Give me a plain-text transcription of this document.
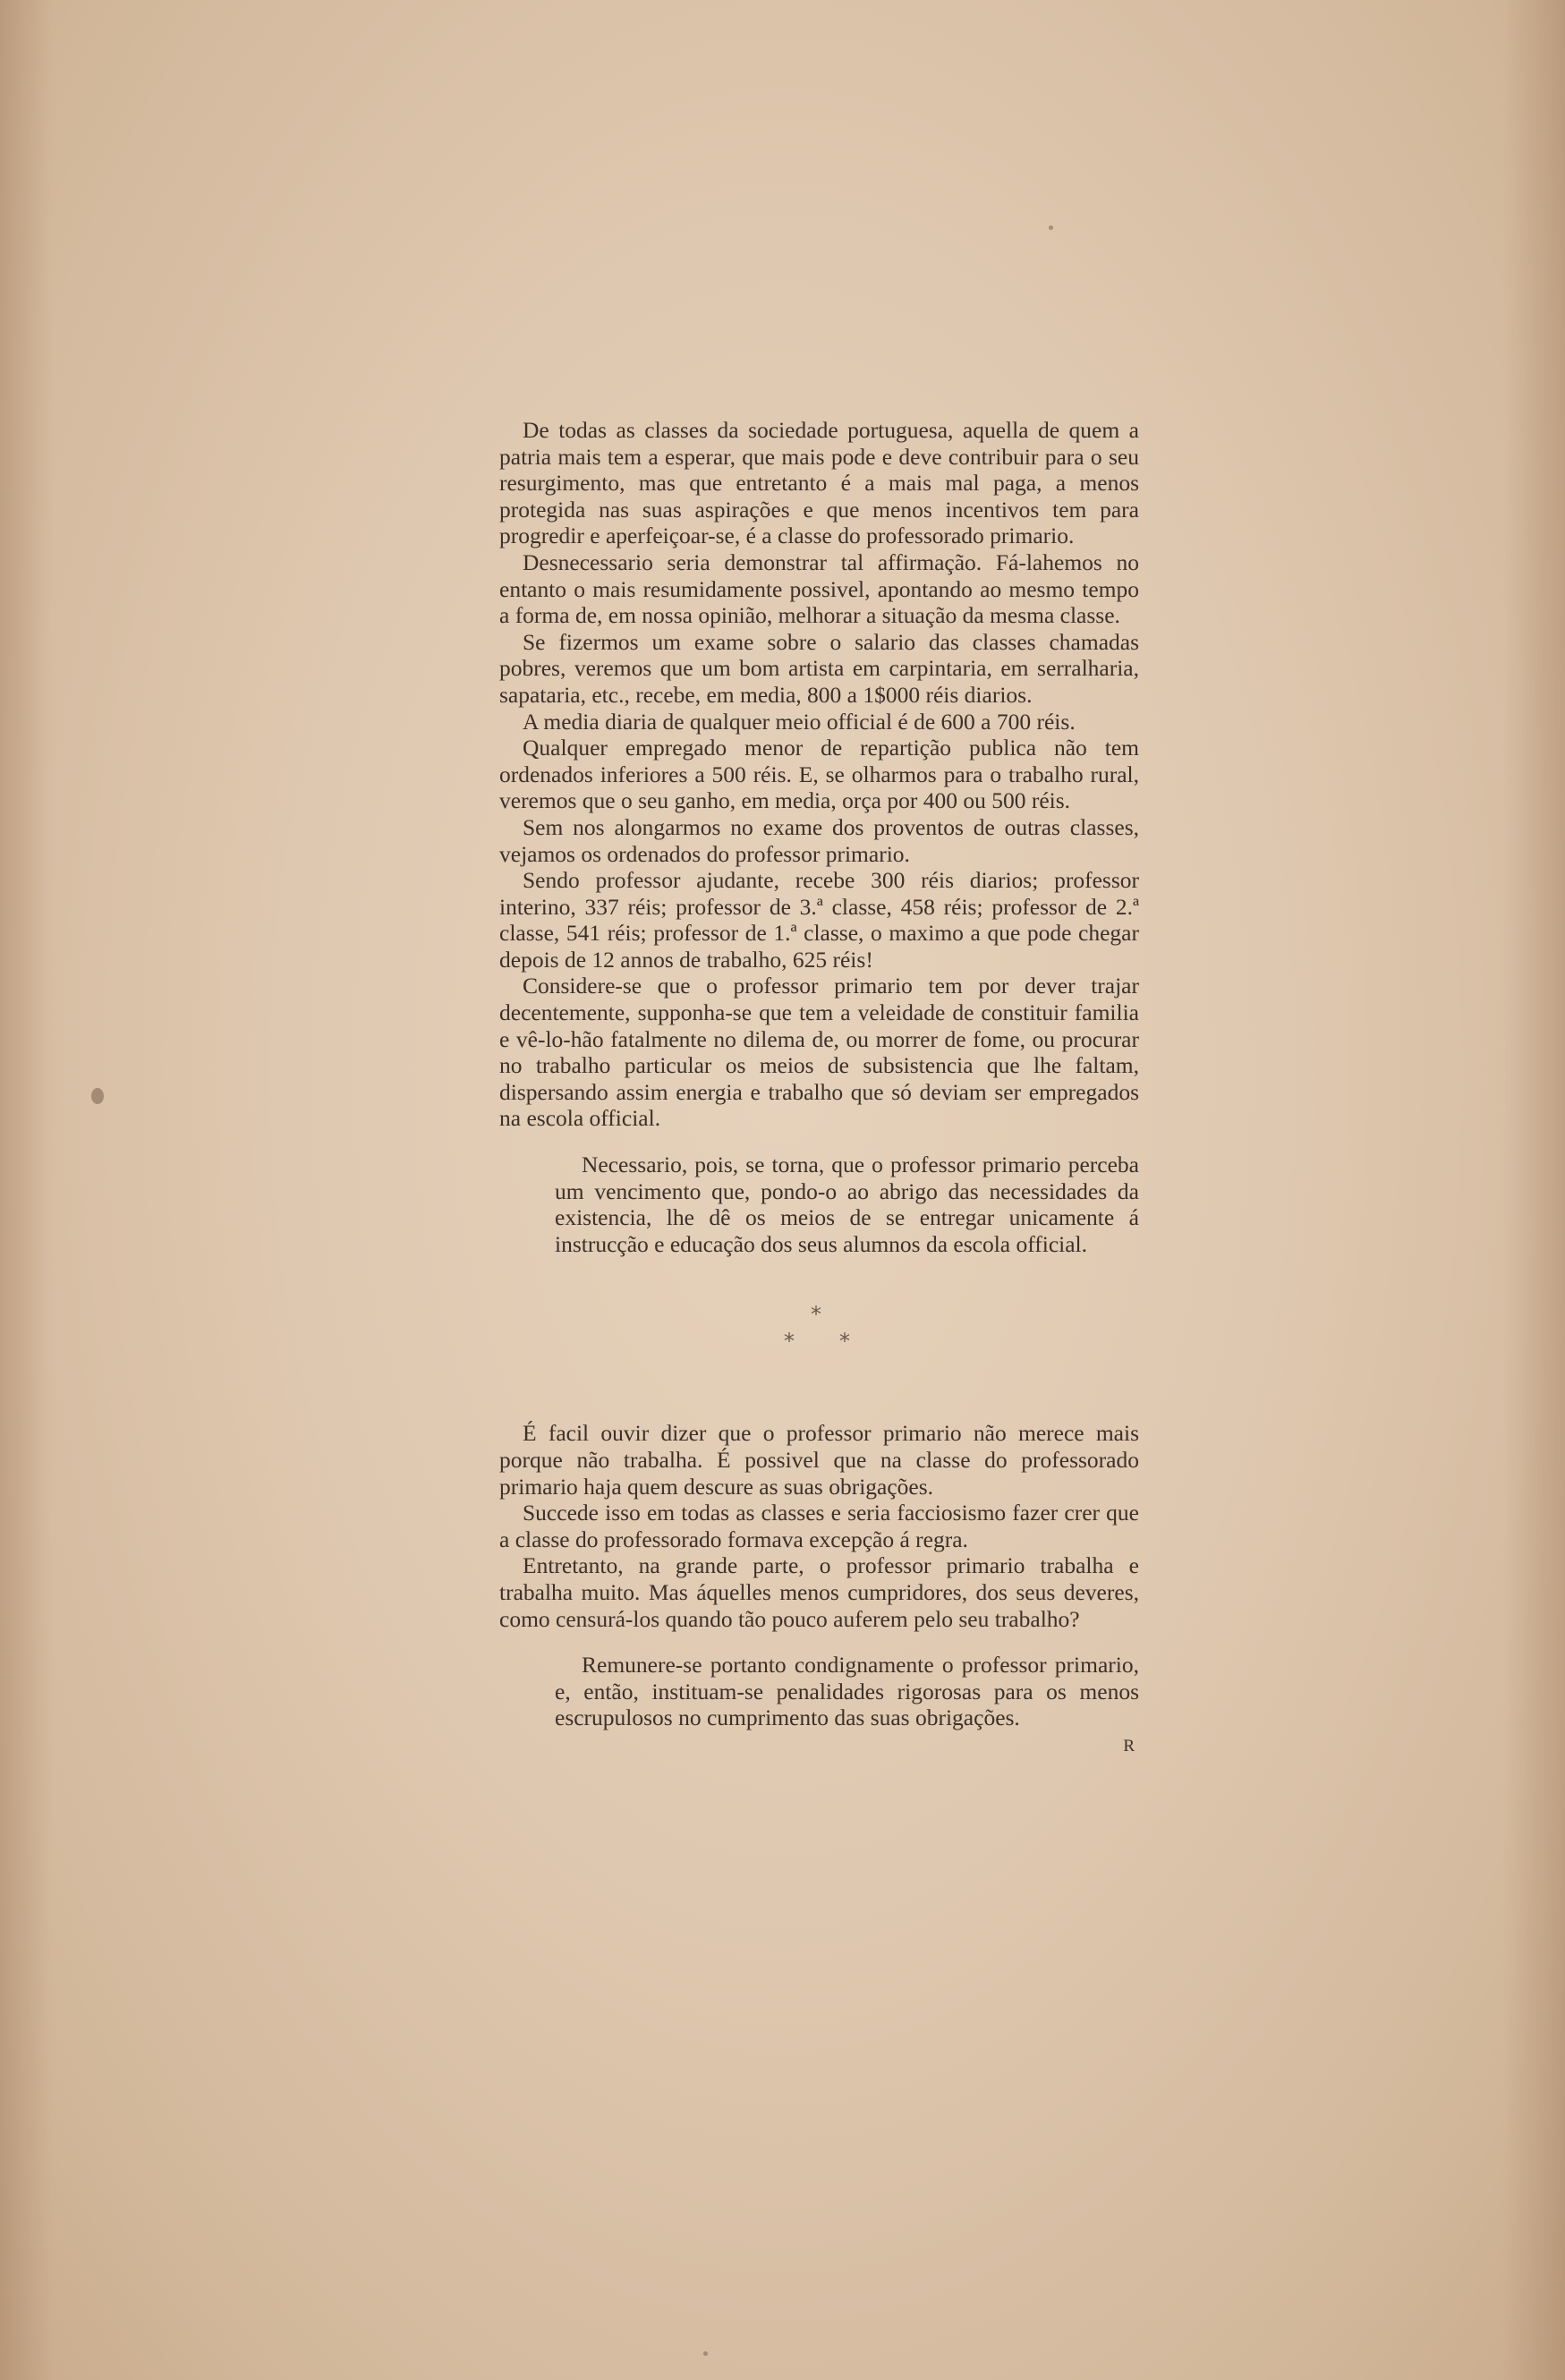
De todas as classes da sociedade portuguesa, aquella de quem a patria mais tem a esperar, que mais pode e deve contribuir para o seu resurgimento, mas que entretanto é a mais mal paga, a menos protegida nas suas aspirações e que menos incentivos tem para progredir e aperfeiçoar-se, é a classe do professorado primario.

Desnecessario seria demonstrar tal affirmação. Fá-lahemos no entanto o mais resumidamente possivel, apontando ao mesmo tempo a forma de, em nossa opinião, melhorar a situação da mesma classe.

Se fizermos um exame sobre o salario das classes chamadas pobres, veremos que um bom artista em carpintaria, em serralharia, sapataria, etc., recebe, em media, 800 a 1$000 réis diarios.

A media diaria de qualquer meio official é de 600 a 700 réis.

Qualquer empregado menor de repartição publica não tem ordenados inferiores a 500 réis. E, se olharmos para o trabalho rural, veremos que o seu ganho, em media, orça por 400 ou 500 réis.

Sem nos alongarmos no exame dos proventos de outras classes, vejamos os ordenados do professor primario.

Sendo professor ajudante, recebe 300 réis diarios; professor interino, 337 réis; professor de 3.ª classe, 458 réis; professor de 2.ª classe, 541 réis; professor de 1.ª classe, o maximo a que pode chegar depois de 12 annos de trabalho, 625 réis!

Considere-se que o professor primario tem por dever trajar decentemente, supponha-se que tem a veleidade de constituir familia e vê-lo-hão fatalmente no dilema de, ou morrer de fome, ou procurar no trabalho particular os meios de subsistencia que lhe faltam, dispersando assim energia e trabalho que só deviam ser empregados na escola official.

Necessario, pois, se torna, que o professor primario perceba um vencimento que, pondo-o ao abrigo das necessidades da existencia, lhe dê os meios de se entregar unicamente á instrucção e educação dos seus alumnos da escola official.

*
* *

É facil ouvir dizer que o professor primario não merece mais porque não trabalha. É possivel que na classe do professorado primario haja quem descure as suas obrigações.

Succede isso em todas as classes e seria facciosismo fazer crer que a classe do professorado formava excepção á regra.

Entretanto, na grande parte, o professor primario trabalha e trabalha muito. Mas áquelles menos cumpridores, dos seus deveres, como censurá-los quando tão pouco auferem pelo seu trabalho?

Remunere-se portanto condignamente o professor primario, e, então, instituam-se penalidades rigorosas para os menos escrupulosos no cumprimento das suas obrigações.

R
